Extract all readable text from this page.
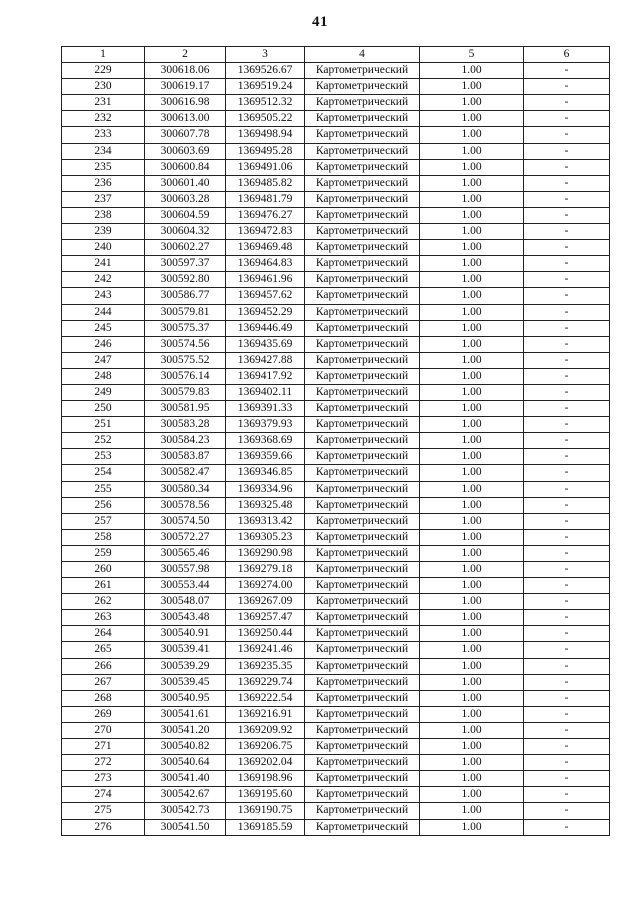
41
1	2	3	4	5	6
229	300618.06	1369526.67	Картометрический	1.00	-
230	300619.17	1369519.24	Картометрический	1.00	-
231	300616.98	1369512.32	Картометрический	1.00	-
232	300613.00	1369505.22	Картометрический	1.00	-
233	300607.78	1369498.94	Картометрический	1.00	-
234	300603.69	1369495.28	Картометрический	1.00	-
235	300600.84	1369491.06	Картометрический	1.00	-
236	300601.40	1369485.82	Картометрический	1.00	-
237	300603.28	1369481.79	Картометрический	1.00	-
238	300604.59	1369476.27	Картометрический	1.00	-
239	300604.32	1369472.83	Картометрический	1.00	-
240	300602.27	1369469.48	Картометрический	1.00	-
241	300597.37	1369464.83	Картометрический	1.00	-
242	300592.80	1369461.96	Картометрический	1.00	-
243	300586.77	1369457.62	Картометрический	1.00	-
244	300579.81	1369452.29	Картометрический	1.00	-
245	300575.37	1369446.49	Картометрический	1.00	-
246	300574.56	1369435.69	Картометрический	1.00	-
247	300575.52	1369427.88	Картометрический	1.00	-
248	300576.14	1369417.92	Картометрический	1.00	-
249	300579.83	1369402.11	Картометрический	1.00	-
250	300581.95	1369391.33	Картометрический	1.00	-
251	300583.28	1369379.93	Картометрический	1.00	-
252	300584.23	1369368.69	Картометрический	1.00	-
253	300583.87	1369359.66	Картометрический	1.00	-
254	300582.47	1369346.85	Картометрический	1.00	-
255	300580.34	1369334.96	Картометрический	1.00	-
256	300578.56	1369325.48	Картометрический	1.00	-
257	300574.50	1369313.42	Картометрический	1.00	-
258	300572.27	1369305.23	Картометрический	1.00	-
259	300565.46	1369290.98	Картометрический	1.00	-
260	300557.98	1369279.18	Картометрический	1.00	-
261	300553.44	1369274.00	Картометрический	1.00	-
262	300548.07	1369267.09	Картометрический	1.00	-
263	300543.48	1369257.47	Картометрический	1.00	-
264	300540.91	1369250.44	Картометрический	1.00	-
265	300539.41	1369241.46	Картометрический	1.00	-
266	300539.29	1369235.35	Картометрический	1.00	-
267	300539.45	1369229.74	Картометрический	1.00	-
268	300540.95	1369222.54	Картометрический	1.00	-
269	300541.61	1369216.91	Картометрический	1.00	-
270	300541.20	1369209.92	Картометрический	1.00	-
271	300540.82	1369206.75	Картометрический	1.00	-
272	300540.64	1369202.04	Картометрический	1.00	-
273	300541.40	1369198.96	Картометрический	1.00	-
274	300542.67	1369195.60	Картометрический	1.00	-
275	300542.73	1369190.75	Картометрический	1.00	-
276	300541.50	1369185.59	Картометрический	1.00	-
